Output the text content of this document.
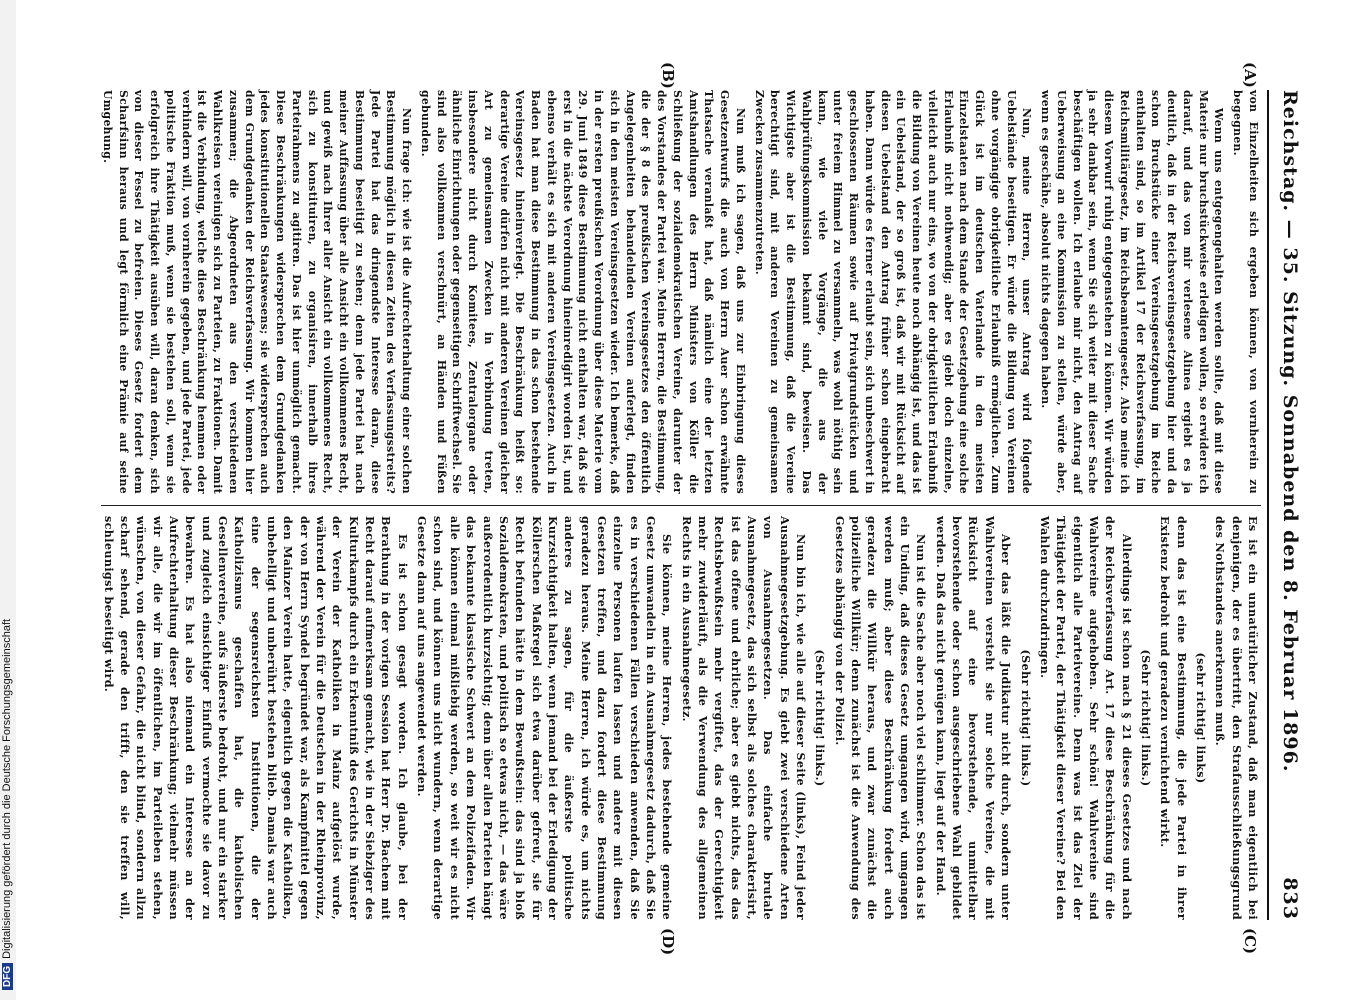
DFGDigitalisierung gefördert durch die Deutsche Forschungsgemeinschaft
Reichstag. — 35. Sitzung. Sonnabend den 8. Februar 1896.
833
(A)
(B)
(C)
(D)

von Einzelheiten sich ergeben können, von vornherein zu begegnen.

Wenn uns entgegengehalten werden sollte, daß mit diese Materie nur bruchstückweise erledigen wollen, so erwidere ich darauf, und das von mir verlesene Alinea ergiebt es ja deutlich, daß in der Reichsvereinsgesetzgebung hier und da schon Bruchstücke einer Vereinsgesetzgebung im Reiche enthalten sind, so im Artikel 17 der Reichsverfassung, im Reichsmilitärgesetz, im Reichsbeamtengesetz. Also meine ich diesem Vorwurf ruhig entgegenstehen zu können. Wir würden ja sehr dankbar sein, wenn Sie sich weiter mit dieser Sache beschäftigen wollen. Ich erlaube mir nicht, den Antrag auf Ueberweisung an eine Kommission zu stellen, würde aber, wenn es geschähe, absolut nichts dagegen haben.

Nun, meine Herren, unser Antrag wird folgende Uebelstände beseitigen. Er würde die Bildung von Vereinen ohne vorgängige obrigkeitliche Erlaubniß ermöglichen. Zum Glück ist im deutschen Vaterlande in den meisten Einzelstaaten nach dem Stande der Gesetzgebung eine solche Erlaubniß nicht nothwendig; aber es giebt doch einzelne, vielleicht auch nur eins, wo von der obrigkeitlichen Erlaubniß die Bildung von Vereinen heute noch abhängig ist, und das ist ein Uebelstand, der so groß ist, daß wir mit Rücksicht auf diesen Uebelstand den Antrag früher schon eingebracht haben. Dann würde es ferner erlaubt sein, sich unbeschwert in geschlossenen Räumen sowie auf Privatgrundstücken und unter freiem Himmel zu versammeln, was wohl nöthig sein kann, wie viele Vorgänge, die aus der Wahlprüfungskommission bekannt sind, beweisen. Das Wichtigste aber ist die Bestimmung, daß die Vereine berechtigt sind, mit anderen Vereinen zu gemeinsamen Zwecken zusammenzutreten.

Nun muß ich sagen, daß uns zur Einbringung dieses Gesetzentwurfs die auch von Herrn Auer schon erwähnte Thatsache veranlaßt hat, daß nämlich eine der letzten Amtshandlungen des Herrn Ministers von Köller die Schließung der sozialdemokratischen Vereine, darunter der des Vorstandes der Partei war. Meine Herren, die Bestimmung, die der § 8 des preußischen Vereinsgesetzes den öffentlich Angelegenheiten behandelnden Vereinen auferlegt, finden sich in den meisten Vereinsgesetzen wieder. Ich bemerke, daß in der ersten preußischen Verordnung über diese Materie vom 29. Juni 1849 diese Bestimmung nicht enthalten war, daß sie erst in die nächste Verordnung hineinredigirt worden ist, und ebenso verhält es sich mit anderen Vereinsgesetzen. Auch in Baden hat man diese Bestimmung in das schon bestehende Vereinsgesetz hineinverlegt. Die Beschränkung heißt so: derartige Vereine dürfen nicht mit anderen Vereinen gleicher Art zu gemeinsamen Zwecken in Verbindung treten, insbesondere nicht durch Komitees, Zentralorgane oder ähnliche Einrichtungen oder gegenseitigen Schriftwechsel. Sie sind also vollkommen verschnürt, an Händen und Füßen gebunden.

Nun frage ich: wie ist die Aufrechterhaltung einer solchen Bestimmung möglich in diesen Zeiten des Verfassungsstreits? Jede Partei hat das dringendste Interesse daran, diese Bestimmung beseitigt zu sehen; denn jede Partei hat nach meiner Auffassung über alle Ansicht ein vollkommenes Recht, und gewiß nach Ihrer aller Ansicht ein vollkommenes Recht, sich zu konstituiren, zu organisiren, innerhalb ihres Parteirahmens zu agitiren. Das ist hier unmöglich gemacht. Diese Beschränkungen widersprechen dem Grundgedanken jedes konstitutionellen Staatswesens; sie widersprechen auch dem Grundgedanken der Reichsverfassung. Wir kommen hier zusammen; die Abgeordneten aus den verschiedenen Wahlkreisen vereinigen sich zu Parteien, zu Fraktionen. Damit ist die Verbindung, welche diese Beschränkung hemmen oder verhindern will, von vornherein gegeben, und jede Partei, jede politische Fraktion muß, wenn sie bestehen soll, wenn sie erfolgreich ihre Thätigkeit ausüben will, daran denken, sich von dieser Fessel zu befreien. Dieses Gesetz fordert dem Scharfsinn heraus und legt förmlich eine Prämie auf seine Umgehung.

Es ist ein unnatürlicher Zustand, daß man eigentlich bei denjenigen, der es übertritt, den Strafausschließungsgrund des Nothstandes anerkennen muß.

(sehr richtig! links)

denn das ist eine Bestimmung, die jede Partei in ihrer Existenz bedroht und geradezu vernichtend wirkt.

(Sehr richtig! links.)

Allerdings ist schon nach § 21 dieses Gesetzes und nach der Reichsverfassung Art. 17 diese Beschränkung für die Wahlvereine aufgehoben. Sehr schön! Wahlvereine sind eigentlich alle Parteivereine. Denn was ist das Ziel der Thätigkeit der Partei, der Thätigkeit dieser Vereine? Bei den Wahlen durchzudringen.

(Sehr richtig! links.)

Aber das läßt die Judikatur nicht durch, sondern unter Wahlvereinen versteht sie nur solche Vereine, die mit Rücksicht auf eine bevorstehende, unmittelbar bevorstehende oder schon ausgeschriebene Wahl gebildet werden. Daß das nicht genügen kann, liegt auf der Hand.

Nun ist die Sache aber noch viel schlimmer. Schon das ist ein Unding, daß dieses Gesetz umgangen wird, umgangen werden muß; aber diese Beschränkung fordert auch geradezu die Willkür heraus, und zwar zunächst die polizeiliche Willkür; denn zunächst ist die Anwendung des Gesetzes abhängig von der Polizei.

(Sehr richtig! links.)

Nun bin ich, wie alle auf dieser Seite (links), Feind jeder Ausnahmegesetzgebung. Es giebt zwei verschiedene Arten von Ausnahmegesetzen. Das einfache brutale Ausnahmegesetz, das sich selbst als solches charakterisirt, ist das offene und ehrliche; aber es giebt nichts, das das Rechtsbewußtsein mehr vergiftet, das der Gerechtigkeit mehr zuwiderläuft, als die Verwendung des allgemeinen Rechts in ein Ausnahmegesetz.

Sie können, meine Herren, jedes bestehende gemeine Gesetz umwandeln in ein Ausnahmegesetz dadurch, daß Sie es in verschiedenen Fällen verschieden anwenden, daß Sie einzelne Personen laufen lassen und andere mit diesen Gesetzen treffen, und dazu fordert diese Bestimmung geradezu heraus. Meine Herren, ich würde es, um nichts anderes zu sagen, für die äußerste politische Kurzsichtigkeit halten, wenn jemand bei der Erledigung der Köllerschen Maßregel sich etwa darüber gefreut, sie für Recht befunden hätte in dem Bewußtsein: das sind ja bloß Sozialdemokraten, und politisch so etwas nicht, — das wäre außerordentlich kurzsichtig; denn über allen Parteien hängt das bekannte klassische Schwert an dem Polizeifaden. Wir alle können einmal mißliebig werden, so weit wir es nicht schon sind, und können uns nicht wundern, wenn derartige Gesetze dann auf uns angewendet werden.

Es ist schon gesagt worden. Ich glaube, bei der Berathung in der vorigen Session hat Herr Dr. Bachem mit Recht darauf aufmerksam gemacht, wie in der Siebziger des Kulturkampfs durch ein Erkenntniß des Gerichts in Münster der Verein der Katholiken in Mainz aufgelöst wurde, während der Verein für die Deutschen in der Rheinprovinz, der von Herrn Syndel begründet war, als Kampfmittel gegen den Mainzer Verein hatte, eigentlich gegen die Katholiken, unbehelligt und unberührt bestehen blieb. Damals war auch eine der segensreichsten Institutionen, die der Katholizismus geschaffen hat, die katholischen Gesellenvereine, aufs äußerste bedroht, und nur ein starker und zugleich einsichtiger Einfluß vermochte sie davor zu bewahren. Es hat also niemand ein Interesse an der Aufrechterhaltung dieser Beschränkung; vielmehr müssen wir alle, die wir im öffentlichen, im Parteileben stehen, wünschen, von dieser Gefahr, die nicht blind, sondern allzu scharf sehend, gerade den trifft, den sie treffen will, schleunigst beseitigt wird.
